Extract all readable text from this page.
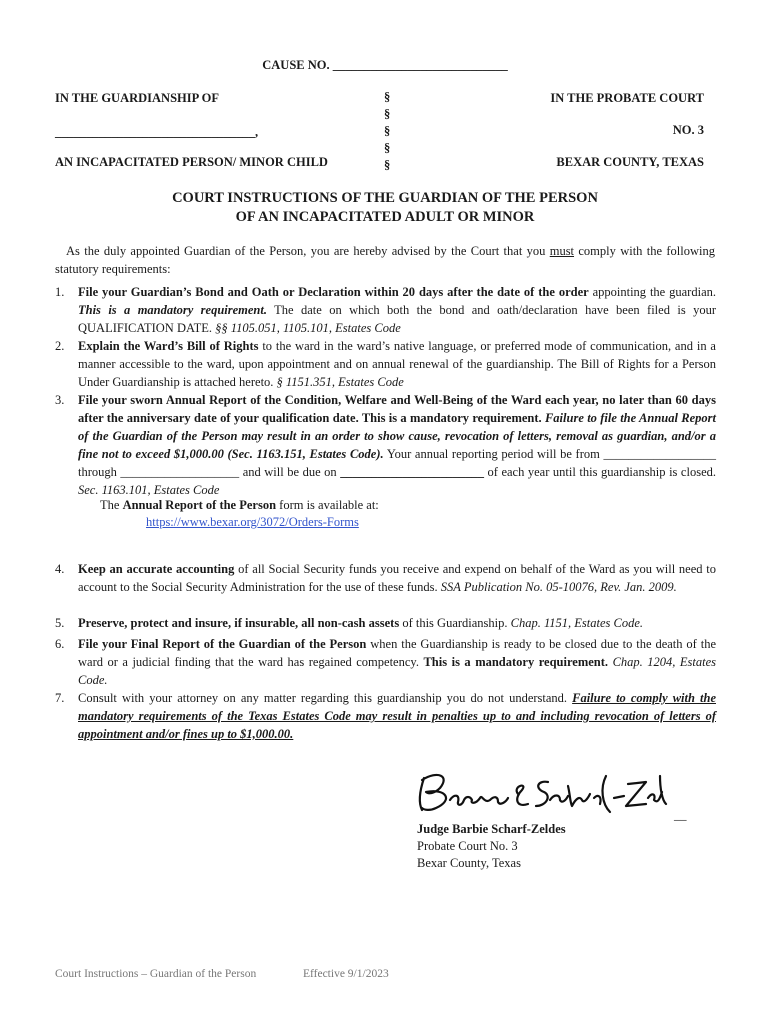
CAUSE NO. ____________________________
IN THE GUARDIANSHIP OF
________________________________,
AN INCAPACITATED PERSON/ MINOR CHILD
§
§
§
§
§
IN THE PROBATE COURT
NO. 3
BEXAR COUNTY, TEXAS
COURT INSTRUCTIONS OF THE GUARDIAN OF THE PERSON
OF AN INCAPACITATED ADULT OR MINOR
As the duly appointed Guardian of the Person, you are hereby advised by the Court that you must comply with the following statutory requirements:
1. File your Guardian’s Bond and Oath or Declaration within 20 days after the date of the order appointing the guardian. This is a mandatory requirement. The date on which both the bond and oath/declaration have been filed is your QUALIFICATION DATE. §§ 1105.051, 1105.101, Estates Code
2. Explain the Ward’s Bill of Rights to the ward in the ward’s native language, or preferred mode of communication, and in a manner accessible to the ward, upon appointment and on annual renewal of the guardianship. The Bill of Rights for a Person Under Guardianship is attached hereto. § 1151.351, Estates Code
3. File your sworn Annual Report of the Condition, Welfare and Well-Being of the Ward each year, no later than 60 days after the anniversary date of your qualification date. This is a mandatory requirement. Failure to file the Annual Report of the Guardian of the Person may result in an order to show cause, revocation of letters, removal as guardian, and/or a fine not to exceed $1,000.00 (Sec. 1163.151, Estates Code). Your annual reporting period will be from __________________ through ___________________ and will be due on _______________________ of each year until this guardianship is closed. Sec. 1163.101, Estates Code
The Annual Report of the Person form is available at:
https://www.bexar.org/3072/Orders-Forms
4. Keep an accurate accounting of all Social Security funds you receive and expend on behalf of the Ward as you will need to account to the Social Security Administration for the use of these funds. SSA Publication No. 05-10076, Rev. Jan. 2009.
5. Preserve, protect and insure, if insurable, all non-cash assets of this Guardianship. Chap. 1151, Estates Code.
6. File your Final Report of the Guardian of the Person when the Guardianship is ready to be closed due to the death of the ward or a judicial finding that the ward has regained competency. This is a mandatory requirement. Chap. 1204, Estates Code.
7. Consult with your attorney on any matter regarding this guardianship you do not understand. Failure to comply with the mandatory requirements of the Texas Estates Code may result in penalties up to and including revocation of letters of appointment and/or fines up to $1,000.00.
__
Judge Barbie Scharf-Zeldes
Probate Court No. 3
Bexar County, Texas
Court Instructions – Guardian of the Person	Effective 9/1/2023
